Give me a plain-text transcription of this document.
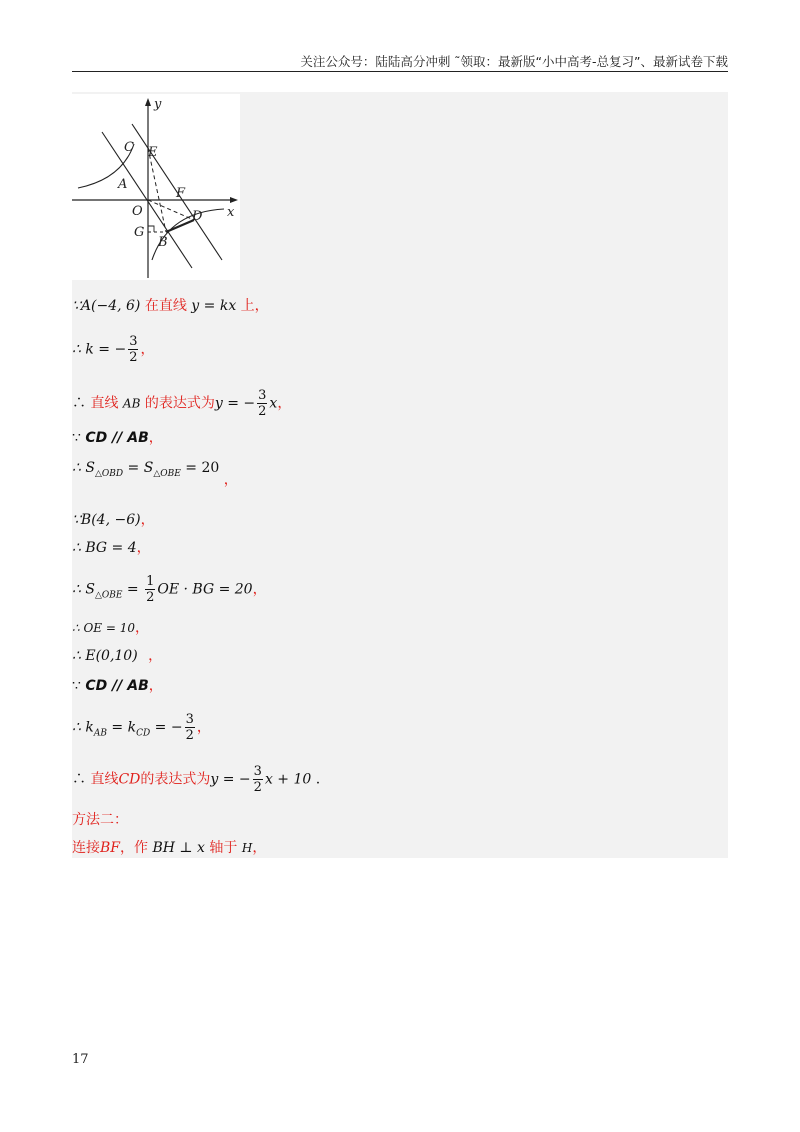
关注公众号：陆陆高分冲刺 ˜领取：最新版“小中高考-总复习”、最新试卷下载
y
x
C E
A
F
O	D
G
B
∵A(−4, 6) 在直线 y = kx 上，
∴ k = − $\frac{3}{2}$ ，
∴ 直线 AB 的表达式为y = − $\frac{3}{2}$ x，
∵ CD // AB，
∴ $S_{\triangle OBD} = S_{\triangle OBE} = 20$ ，
∵B(4, −6)，
∴ BG = 4，
∴ $S_{\triangle OBE} = \frac{1}{2}$ OE · BG = 20，
∴ OE = 10，
∴ E(0,10) ，
∵ CD // AB，
∴ $k_{AB} = k_{CD}$ = − $\frac{3}{2}$ ，
∴ 直线CD的表达式为y = − $\frac{3}{2}$ x + 10 .
方法二：
连接BF，作 BH ⊥ x 轴于 H，
17
